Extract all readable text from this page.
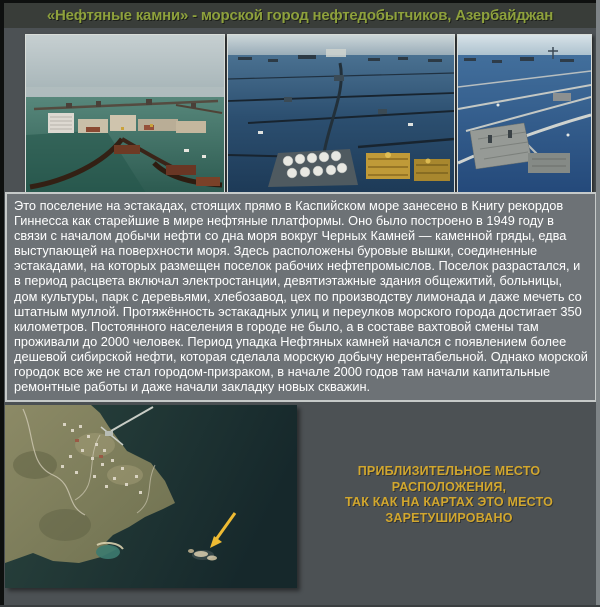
«Нефтяные камни» - морской город нефтедобытчиков, Азербайджан
Это поселение на эстакадах, стоящих прямо в Каспийском море занесено в Книгу рекордов Гиннесса как старейшие в мире нефтяные платформы. Оно было построено в 1949 году в связи с началом добычи нефти со дна моря вокруг Черных Камней — каменной гряды, едва выступающей на поверхности моря. Здесь расположены буровые вышки, соединенные эстакадами, на которых размещен поселок рабочих нефтепромыслов. Поселок разрастался, и в период расцвета включал электростанции, девятиэтажные здания общежитий, больницы, дом культуры, парк с деревьями, хлебозавод, цех по производству лимонада и даже мечеть со штатным муллой. Протяжённость эстакадных улиц и переулков морского города достигает 350 километров. Постоянного населения в городе не было, а в составе вахтовой смены там проживали до 2000 человек. Период упадка Нефтяных камней начался с появлением более дешевой сибирской нефти, которая сделала морскую добычу нерентабельной. Однако морской городок все же не стал городом-призраком, в начале 2000 годов там начали капитальные ремонтные работы и даже начали закладку новых скважин.
ПРИБЛИЗИТЕЛЬНОЕ МЕСТО
РАСПОЛОЖЕНИЯ,
ТАК КАК НА КАРТАХ ЭТО МЕСТО
ЗАРЕТУШИРОВАНО
